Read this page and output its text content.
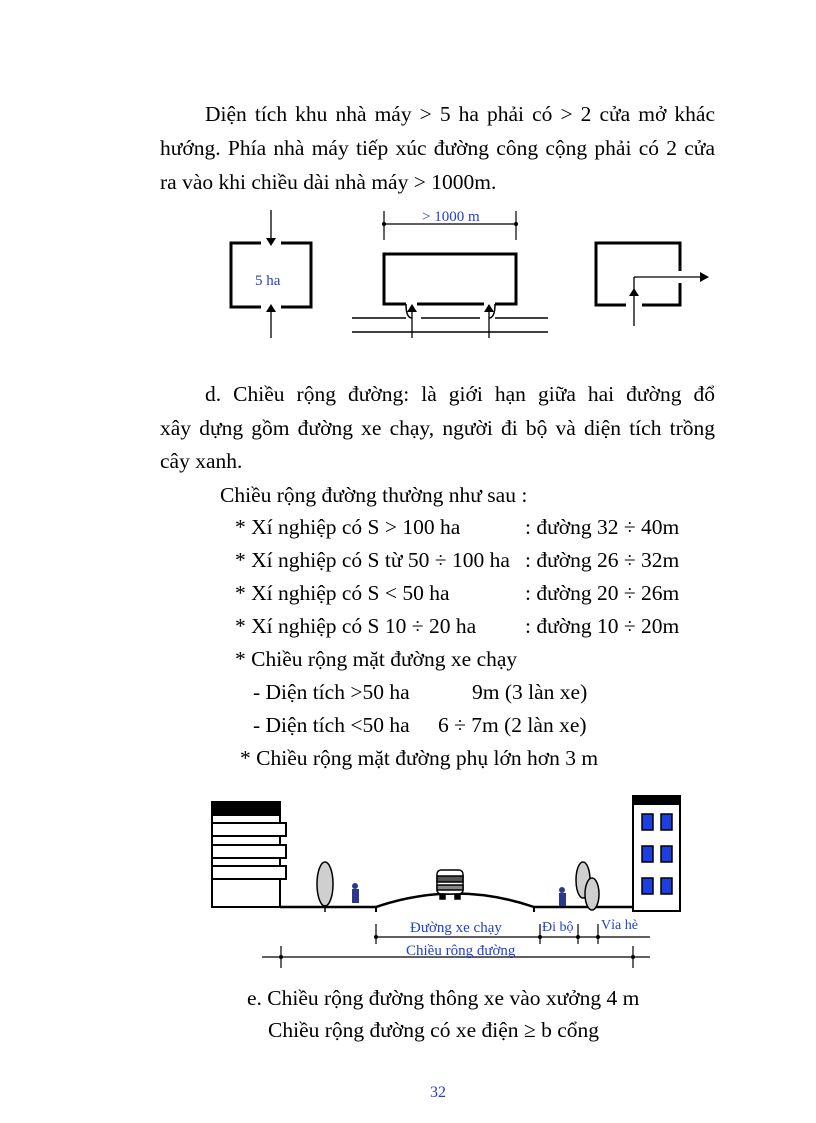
Diện tích khu nhà máy > 5 ha phải có > 2 cửa mở khác
hướng. Phía nhà máy tiếp xúc đường công cộng phải có 2 cửa
ra vào khi chiều dài nhà máy > 1000m.
5 ha
> 1000 m
d. Chiều rộng đường: là giới hạn giữa hai đường đổ
xây dựng gồm đường xe chạy, người đi bộ và diện tích trồng
cây xanh.
Chiều rộng đường thường như sau :
* Xí nghiệp có S > 100 ha	: đường 32 ÷ 40m
* Xí nghiệp có S từ 50 ÷ 100 ha : đường 26 ÷ 32m
* Xí nghiệp có S < 50 ha	: đường 20 ÷ 26m
* Xí nghiệp có S 10 ÷ 20 ha : đường 10 ÷ 20m
* Chiều rộng mặt đường xe chạy
- Diện tích >50 ha	9m (3 làn xe)
- Diện tích <50 ha 6 ÷ 7m (2 làn xe)
* Chiều rộng mặt đường phụ lớn hơn 3 m
Đường xe chạy	Đi bộ Vỉa hè
Chiều rộng đường
e. Chiều rộng đường thông xe vào xưởng 4 m
Chiều rộng đường có xe điện ≥ b cổng
32
